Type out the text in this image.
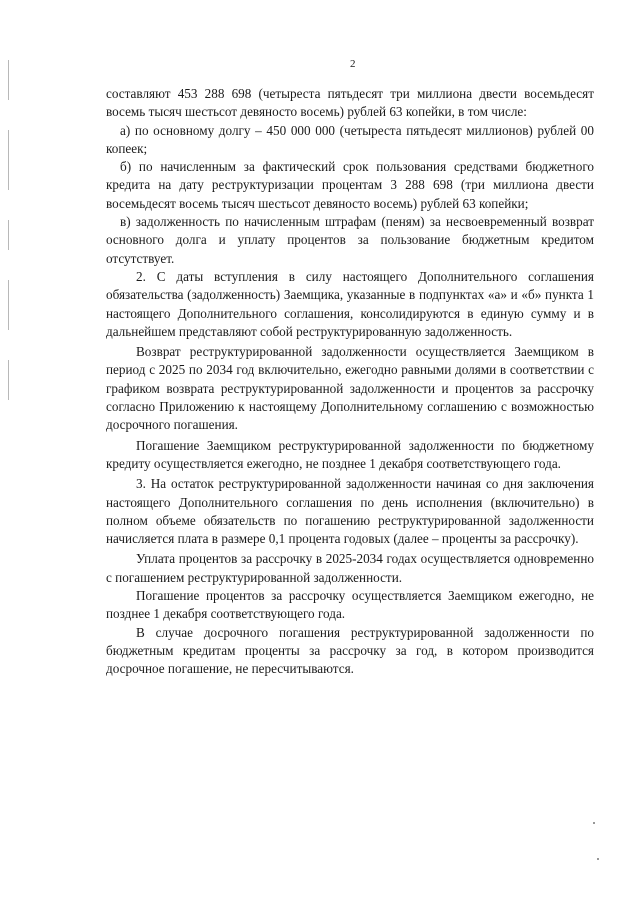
2

составляют 453 288 698 (четыреста пятьдесят три миллиона двести восемьдесят восемь тысяч шестьсот девяносто восемь) рублей 63 копейки, в том числе:

а) по основному долгу – 450 000 000 (четыреста пятьдесят миллионов) рублей 00 копеек;

б) по начисленным за фактический срок пользования средствами бюджетного кредита на дату реструктуризации процентам 3 288 698 (три миллиона двести восемьдесят восемь тысяч шестьсот девяносто восемь) рублей 63 копейки;

в) задолженность по начисленным штрафам (пеням) за несвоевременный возврат основного долга и уплату процентов за пользование бюджетным кредитом отсутствует.

2. С даты вступления в силу настоящего Дополнительного соглашения обязательства (задолженность) Заемщика, указанные в подпунктах «а» и «б» пункта 1 настоящего Дополнительного соглашения, консолидируются в единую сумму и в дальнейшем представляют собой реструктурированную задолженность.

Возврат реструктурированной задолженности осуществляется Заемщиком в период с 2025 по 2034 год включительно, ежегодно равными долями в соответствии с графиком возврата реструктурированной задолженности и процентов за рассрочку согласно Приложению к настоящему Дополнительному соглашению с возможностью досрочного погашения.

Погашение Заемщиком реструктурированной задолженности по бюджетному кредиту осуществляется ежегодно, не позднее 1 декабря соответствующего года.

3. На остаток реструктурированной задолженности начиная со дня заключения настоящего Дополнительного соглашения по день исполнения (включительно) в полном объеме обязательств по погашению реструктурированной задолженности начисляется плата в размере 0,1 процента годовых (далее – проценты за рассрочку).

Уплата процентов за рассрочку в 2025-2034 годах осуществляется одновременно с погашением реструктурированной задолженности.

Погашение процентов за рассрочку осуществляется Заемщиком ежегодно, не позднее 1 декабря соответствующего года.

В случае досрочного погашения реструктурированной задолженности по бюджетным кредитам проценты за рассрочку за год, в котором производится досрочное погашение, не пересчитываются.
